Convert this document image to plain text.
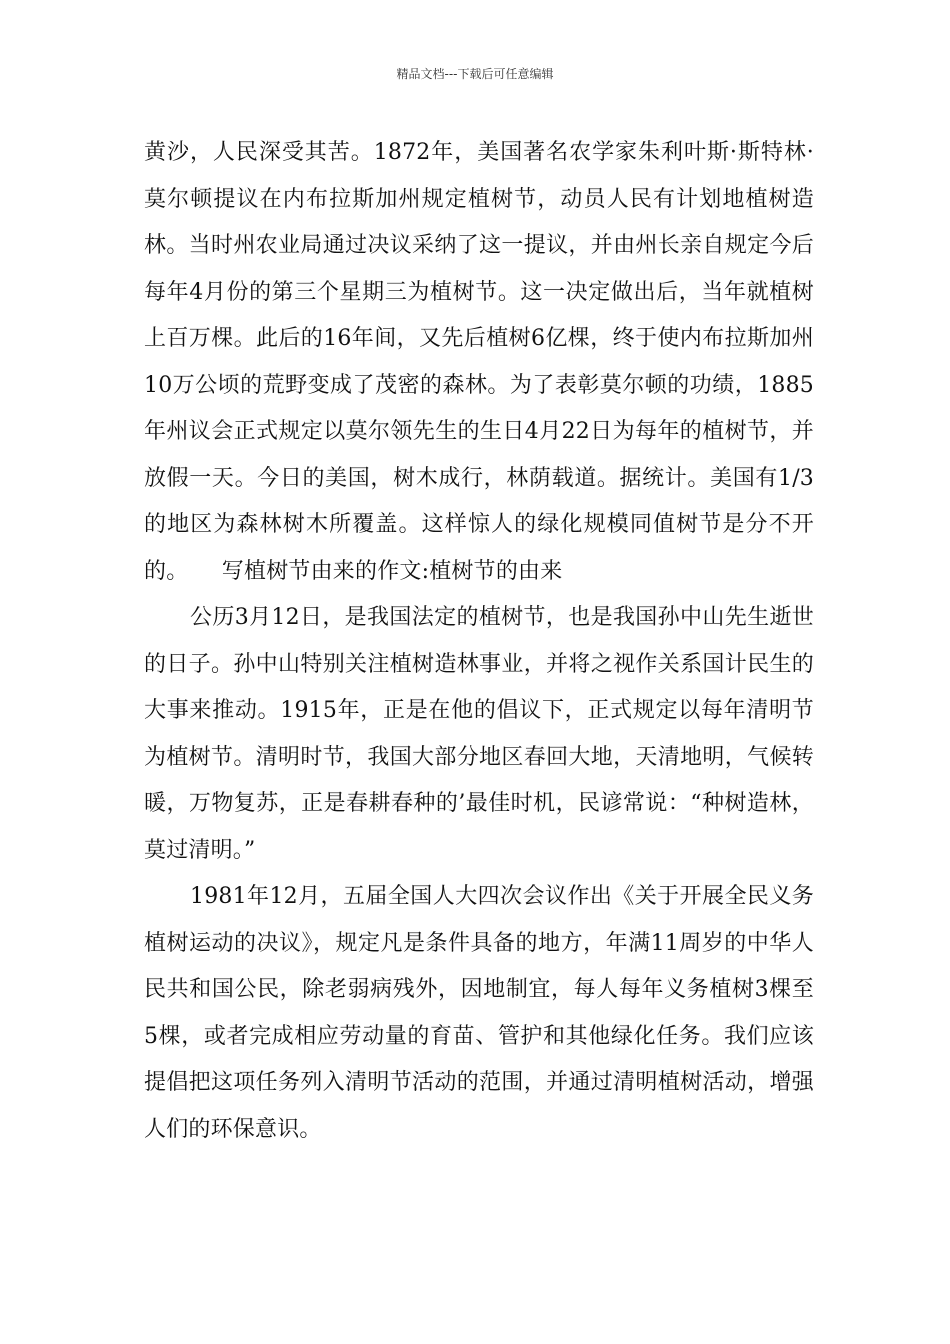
精品文档---下载后可任意编辑

黄沙，人民深受其苦。1872年，美国著名农学家朱利叶斯·斯特林·莫尔顿提议在内布拉斯加州规定植树节，动员人民有计划地植树造林。当时州农业局通过决议采纳了这一提议，并由州长亲自规定今后每年4月份的第三个星期三为植树节。这一决定做出后，当年就植树上百万棵。此后的16年间，又先后植树6亿棵，终于使内布拉斯加州10万公顷的荒野变成了茂密的森林。为了表彰莫尔顿的功绩，1885年州议会正式规定以莫尔领先生的生日4月22日为每年的植树节，并放假一天。今日的美国，树木成行，林荫载道。据统计。美国有1/3的地区为森林树木所覆盖。这样惊人的绿化规模同值树节是分不开的。　　写植树节由来的作文:植树节的由来

公历3月12日，是我国法定的植树节，也是我国孙中山先生逝世的日子。孙中山特别关注植树造林事业，并将之视作关系国计民生的大事来推动。1915年，正是在他的倡议下，正式规定以每年清明节为植树节。清明时节，我国大部分地区春回大地，天清地明，气候转暖，万物复苏，正是春耕春种的’最佳时机，民谚常说：“种树造林，莫过清明。”

1981年12月，五届全国人大四次会议作出《关于开展全民义务植树运动的决议》，规定凡是条件具备的地方，年满11周岁的中华人民共和国公民，除老弱病残外，因地制宜，每人每年义务植树3棵至5棵，或者完成相应劳动量的育苗、管护和其他绿化任务。我们应该提倡把这项任务列入清明节活动的范围，并通过清明植树活动，增强人们的环保意识。
